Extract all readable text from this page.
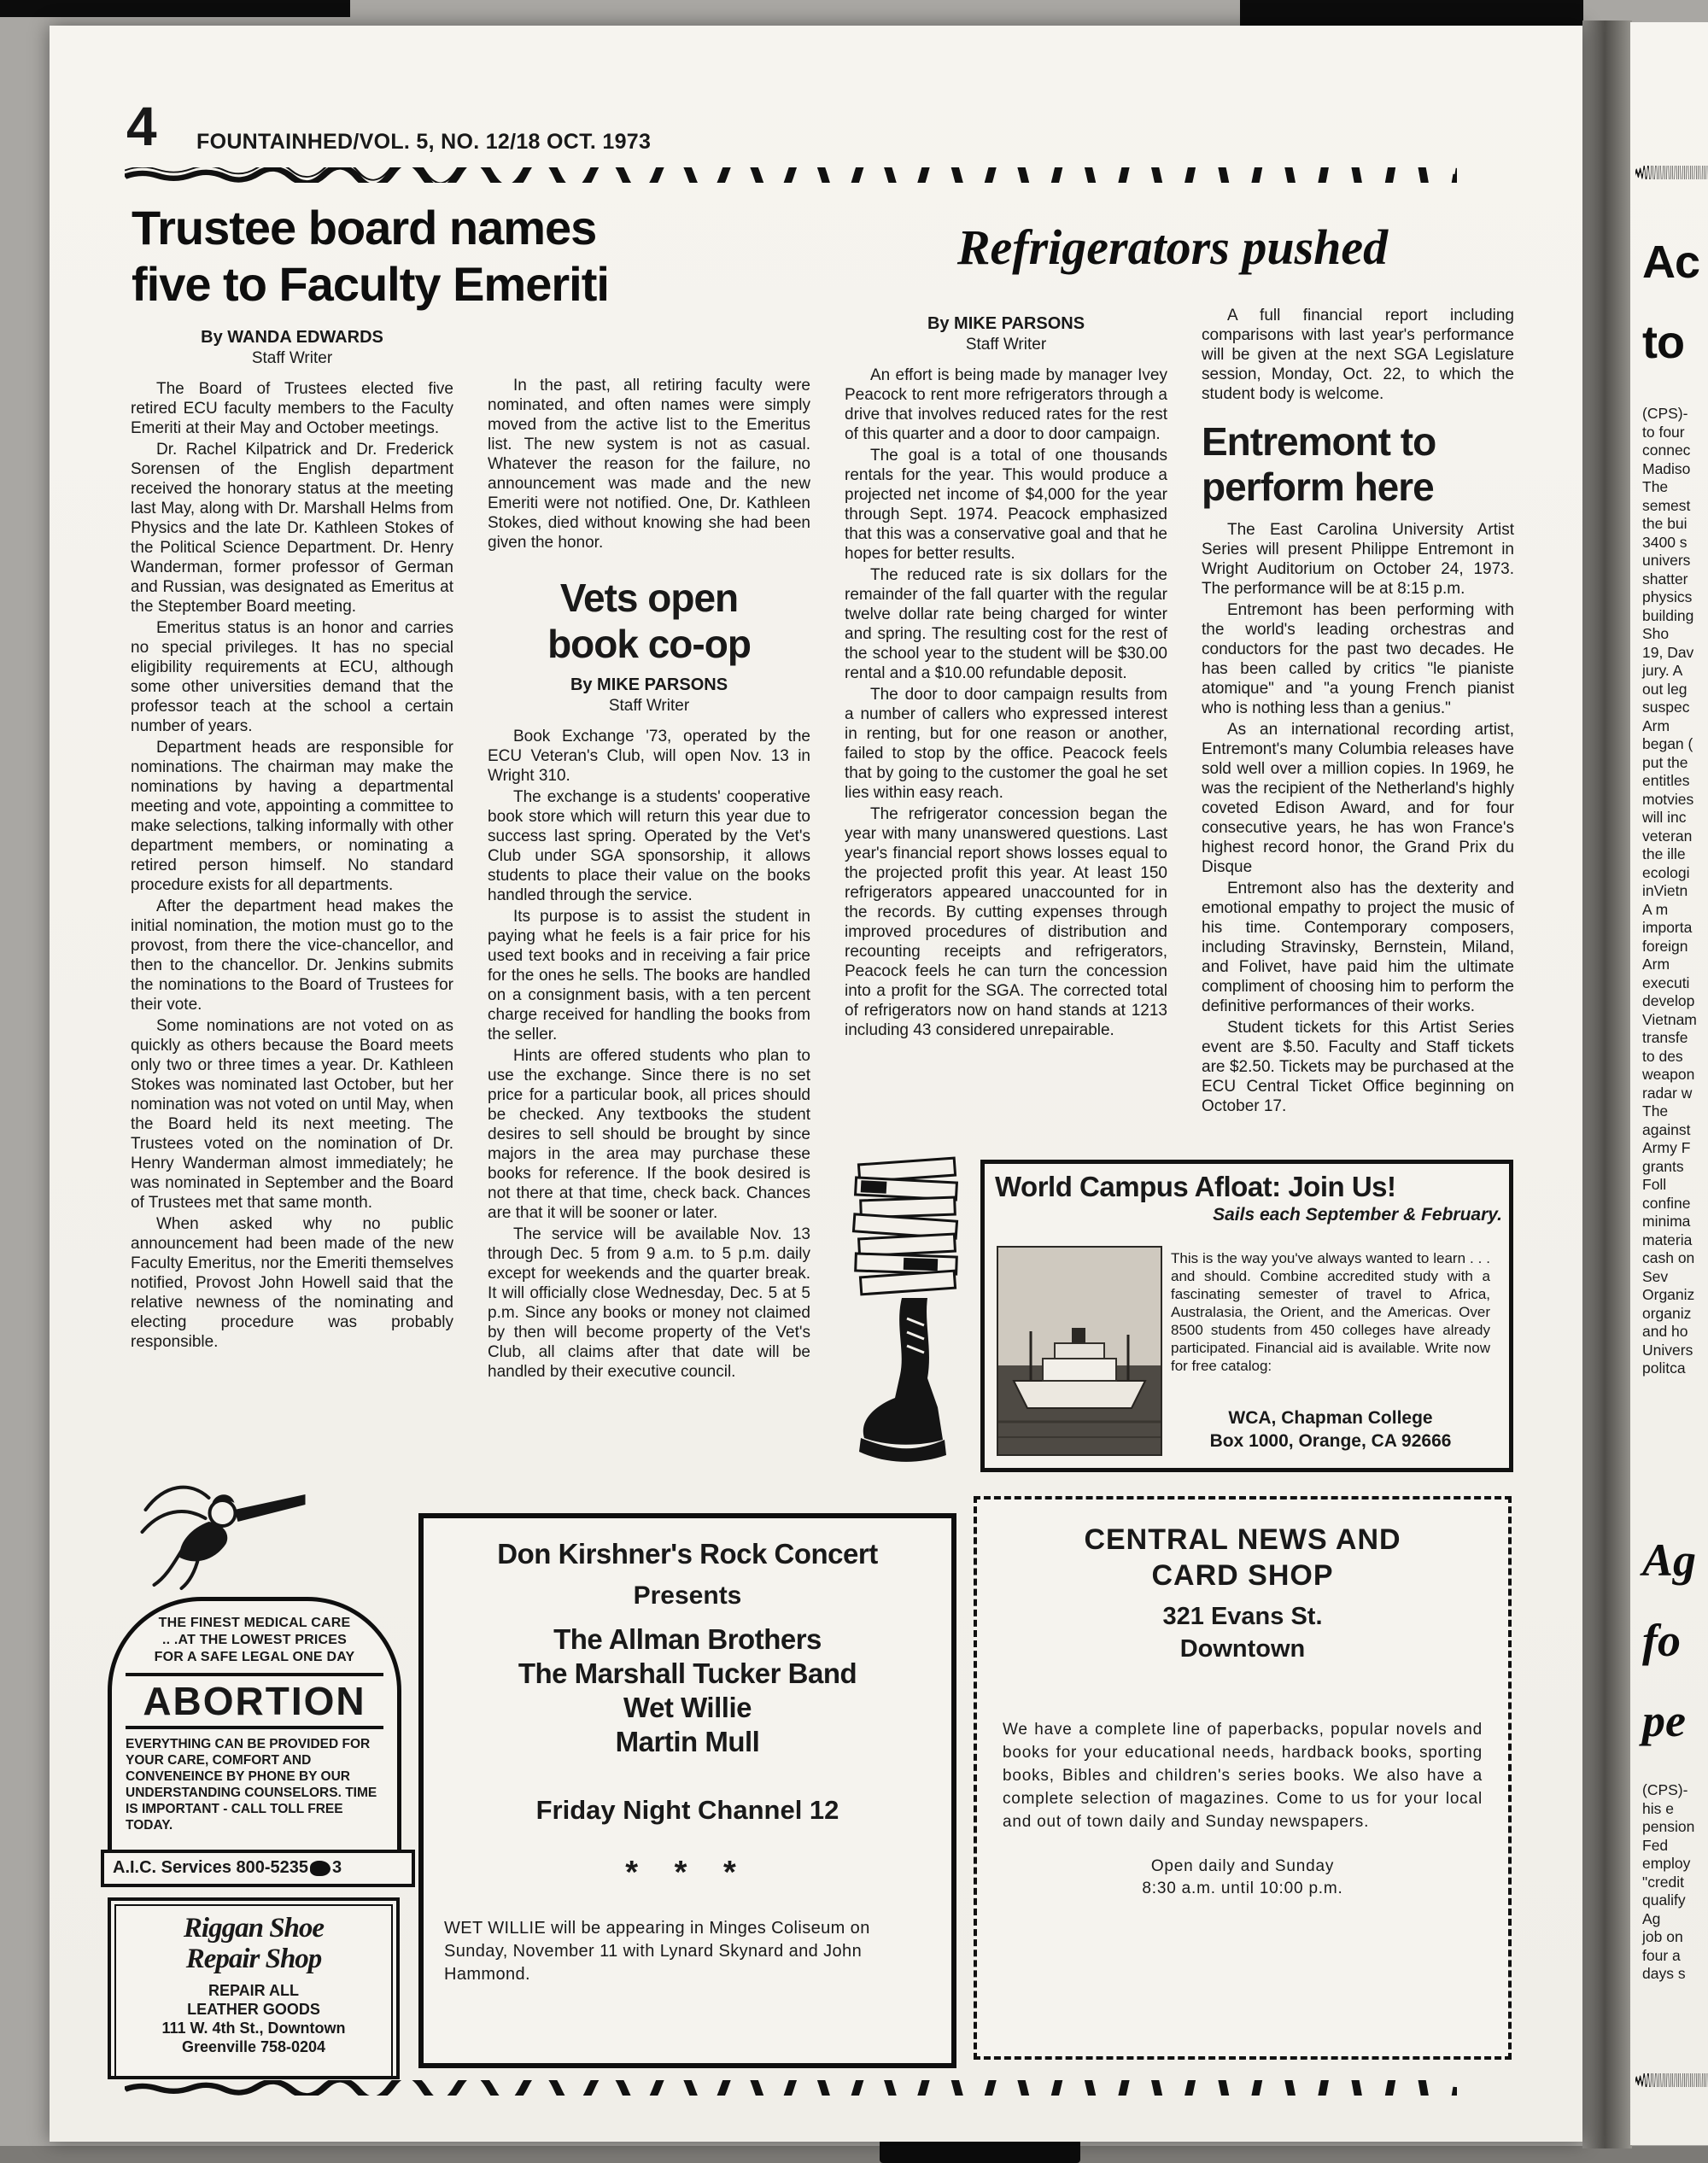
4 FOUNTAINHED/VOL. 5, NO. 12/18 OCT. 1973
Trustee board names
five to Faculty Emeriti
Refrigerators pushed
By WANDA EDWARDS
Staff Writer

The Board of Trustees elected five retired ECU faculty members to the Faculty Emeriti at their May and October meetings.

Dr. Rachel Kilpatrick and Dr. Frederick Sorensen of the English department received the honorary status at the meeting last May, along with Dr. Marshall Helms from Physics and the late Dr. Kathleen Stokes of the Political Science Department. Dr. Henry Wanderman, former professor of German and Russian, was designated as Emeritus at the Steptember Board meeting.

Emeritus status is an honor and carries no special privileges. It has no special eligibility requirements at ECU, although some other universities demand that the professor teach at the school a certain number of years.

Department heads are responsible for nominations. The chairman may make the nominations by having a departmental meeting and vote, appointing a committee to make selections, talking informally with other department members, or nominating a retired person himself. No standard procedure exists for all departments.

After the department head makes the initial nomination, the motion must go to the provost, from there the vice-chancellor, and then to the chancellor. Dr. Jenkins submits the nominations to the Board of Trustees for their vote.

Some nominations are not voted on as quickly as others because the Board meets only two or three times a year. Dr. Kathleen Stokes was nominated last October, but her nomination was not voted on until May, when the Board held its next meeting. The Trustees voted on the nomination of Dr. Henry Wanderman almost immediately; he was nominated in September and the Board of Trustees met that same month.

When asked why no public announcement had been made of the new Faculty Emeritus, nor the Emeriti themselves notified, Provost John Howell said that the relative newness of the nominating and electing procedure was probably responsible.

In the past, all retiring faculty were nominated, and often names were simply moved from the active list to the Emeritus list. The new system is not as casual. Whatever the reason for the failure, no announcement was made and the new Emeriti were not notified. One, Dr. Kathleen Stokes, died without knowing she had been given the honor.

Vets open
book co-op
By MIKE PARSONS
Staff Writer

Book Exchange '73, operated by the ECU Veteran's Club, will open Nov. 13 in Wright 310.

The exchange is a students' cooperative book store which will return this year due to success last spring. Operated by the Vet's Club under SGA sponsorship, it allows students to place their value on the books handled through the service.

Its purpose is to assist the student in paying what he feels is a fair price for his used text books and in receiving a fair price for the ones he sells. The books are handled on a consignment basis, with a ten percent charge received for handling the books from the seller.

Hints are offered students who plan to use the exchange. Since there is no set price for a particular book, all prices should be checked. Any textbooks the student desires to sell should be brought by since majors in the area may purchase these books for reference. If the book desired is not there at that time, check back. Chances are that it will be sooner or later.

The service will be available Nov. 13 through Dec. 5 from 9 a.m. to 5 p.m. daily except for weekends and the quarter break. It will officially close Wednesday, Dec. 5 at 5 p.m. Since any books or money not claimed by then will become property of the Vet's Club, all claims after that date will be handled by their executive council.

By MIKE PARSONS
Staff Writer

An effort is being made by manager Ivey Peacock to rent more refrigerators through a drive that involves reduced rates for the rest of this quarter and a door to door campaign.

The goal is a total of one thousands rentals for the year. This would produce a projected net income of $4,000 for the year through Sept. 1974. Peacock emphasized that this was a conservative goal and that he hopes for better results.

The reduced rate is six dollars for the remainder of the fall quarter with the regular twelve dollar rate being charged for winter and spring. The resulting cost for the rest of the school year to the student will be $30.00 rental and a $10.00 refundable deposit.

The door to door campaign results from a number of callers who expressed interest in renting, but for one reason or another, failed to stop by the office. Peacock feels that by going to the customer the goal he set lies within easy reach.

The refrigerator concession began the year with many unanswered questions. Last year's financial report shows losses equal to the projected profit this year. At least 150 refrigerators appeared unaccounted for in the records. By cutting expenses through improved procedures of distribution and recounting receipts and refrigerators, Peacock feels he can turn the concession into a profit for the SGA. The corrected total of refrigerators now on hand stands at 1213 including 43 considered unrepairable.

A full financial report including comparisons with last year's performance will be given at the next SGA Legislature session, Monday, Oct. 22, to which the student body is welcome.
Entremont to
perform here

The East Carolina University Artist Series will present Philippe Entremont in Wright Auditorium on October 24, 1973. The performance will be at 8:15 p.m.

Entremont has been performing with the world's leading orchestras and conductors for the past two decades. He has been called by critics "le pianiste atomique" and "a young French pianist who is nothing less than a genius."

As an international recording artist, Entremont's many Columbia releases have sold well over a million copies. In 1969, he was the recipient of the Netherland's highly coveted Edison Award, and for four consecutive years, he has won France's highest record honor, the Grand Prix du Disque

Entremont also has the dexterity and emotional empathy to project the music of his time. Contemporary composers, including Stravinsky, Bernstein, Miland, and Folivet, have paid him the ultimate compliment of choosing him to perform the definitive performances of their works.

Student tickets for this Artist Series event are $.50. Faculty and Staff tickets are $2.50. Tickets may be purchased at the ECU Central Ticket Office beginning on October 17.

World Campus Afloat: Join Us!
Sails each September & February.
This is the way you've always wanted to learn . . . and should. Combine accredited study with a fascinating semester of travel to Africa, Australasia, the Orient, and the Americas. Over 8500 students from 450 colleges have already participated. Financial aid is available. Write now for free catalog:
WCA, Chapman College
Box 1000, Orange, CA 92666
THE FINEST MEDICAL CARE
.. .AT THE LOWEST PRICES
FOR A SAFE LEGAL ONE DAY
ABORTION
EVERYTHING CAN BE PROVIDED FOR YOUR CARE, COMFORT AND CONVENEINCE BY PHONE BY OUR UNDERSTANDING COUNSELORS. TIME IS IMPORTANT - CALL TOLL FREE TODAY.
A.I.C. Services 800-5235 3
Riggan Shoe
Repair Shop
REPAIR ALL
LEATHER GOODS
111 W. 4th St., Downtown
Greenville 758-0204
Don Kirshner's Rock Concert
Presents
The Allman Brothers
The Marshall Tucker Band
Wet Willie
Martin Mull
Friday Night Channel 12
* * *
WET WILLIE will be appearing in Minges Coliseum on Sunday, November 11 with Lynard Skynard and John Hammond.
CENTRAL NEWS AND
CARD SHOP
321 Evans St.
Downtown
We have a complete line of paperbacks, popular novels and books for your educational needs, hardback books, sporting books, Bibles and children's series books. We also have a complete selection of magazines. Come to us for your local and out of town daily and Sunday newspapers.
Open daily and Sunday
8:30 a.m. until 10:00 p.m.
Ac
to

(CPS)-

to four

connec

Madiso

The

semest

the bui

3400 s

univers

shatter

physics

building

Sho

19, Dav

jury. A

out leg

suspec

Arm

began (

put the

entitles

motvies

will inc

veteran

the ille

ecologi

inVietn

A m

importa

foreign

Arm

executi

develop

Vietnam

transfe

to des

weapon

radar w

The

against

Army F

grants

Foll

confine

minima

materia

cash on

Sev

Organiz

organiz

and ho

Univers

politca

Ag
fo
pe

(CPS)-

his e

pension

Fed

employ

"credit

qualify

Ag

job on

four a

days s
